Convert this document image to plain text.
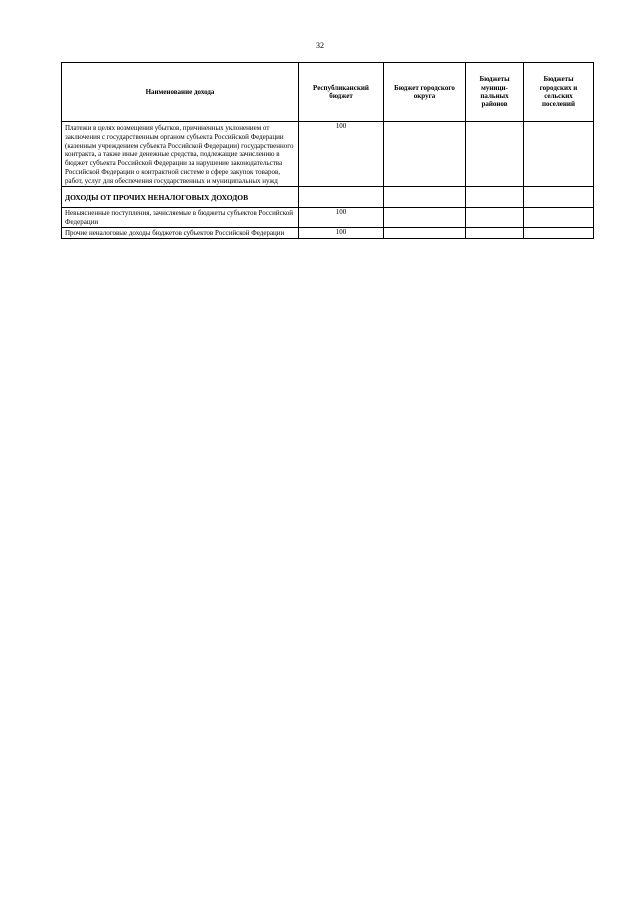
32
Наименование дохода	Республиканский бюджет	Бюджет городского округа	Бюджеты муници-пальных районов	Бюджеты городских и сельских поселений
Платежи в целях возмещения убытков, причиненных уклонением от заключения с государственным органом субъекта Российской Федерации (казенным учреждением субъекта Российской Федерации) государственного контракта, а также иные денежные средства, подлежащие зачислению в бюджет субъекта Российской Федерации за нарушение законодательства Российской Федерации о контрактной системе в сфере закупок товаров, работ, услуг для обеспечения государственных и муниципальных нужд	100			
ДОХОДЫ ОТ ПРОЧИХ НЕНАЛОГОВЫХ ДОХОДОВ				
Невыясненные поступления, зачисляемые в бюджеты субъектов Российской Федерации	100			
Прочие неналоговые доходы бюджетов субъектов Российской Федерации	100			
